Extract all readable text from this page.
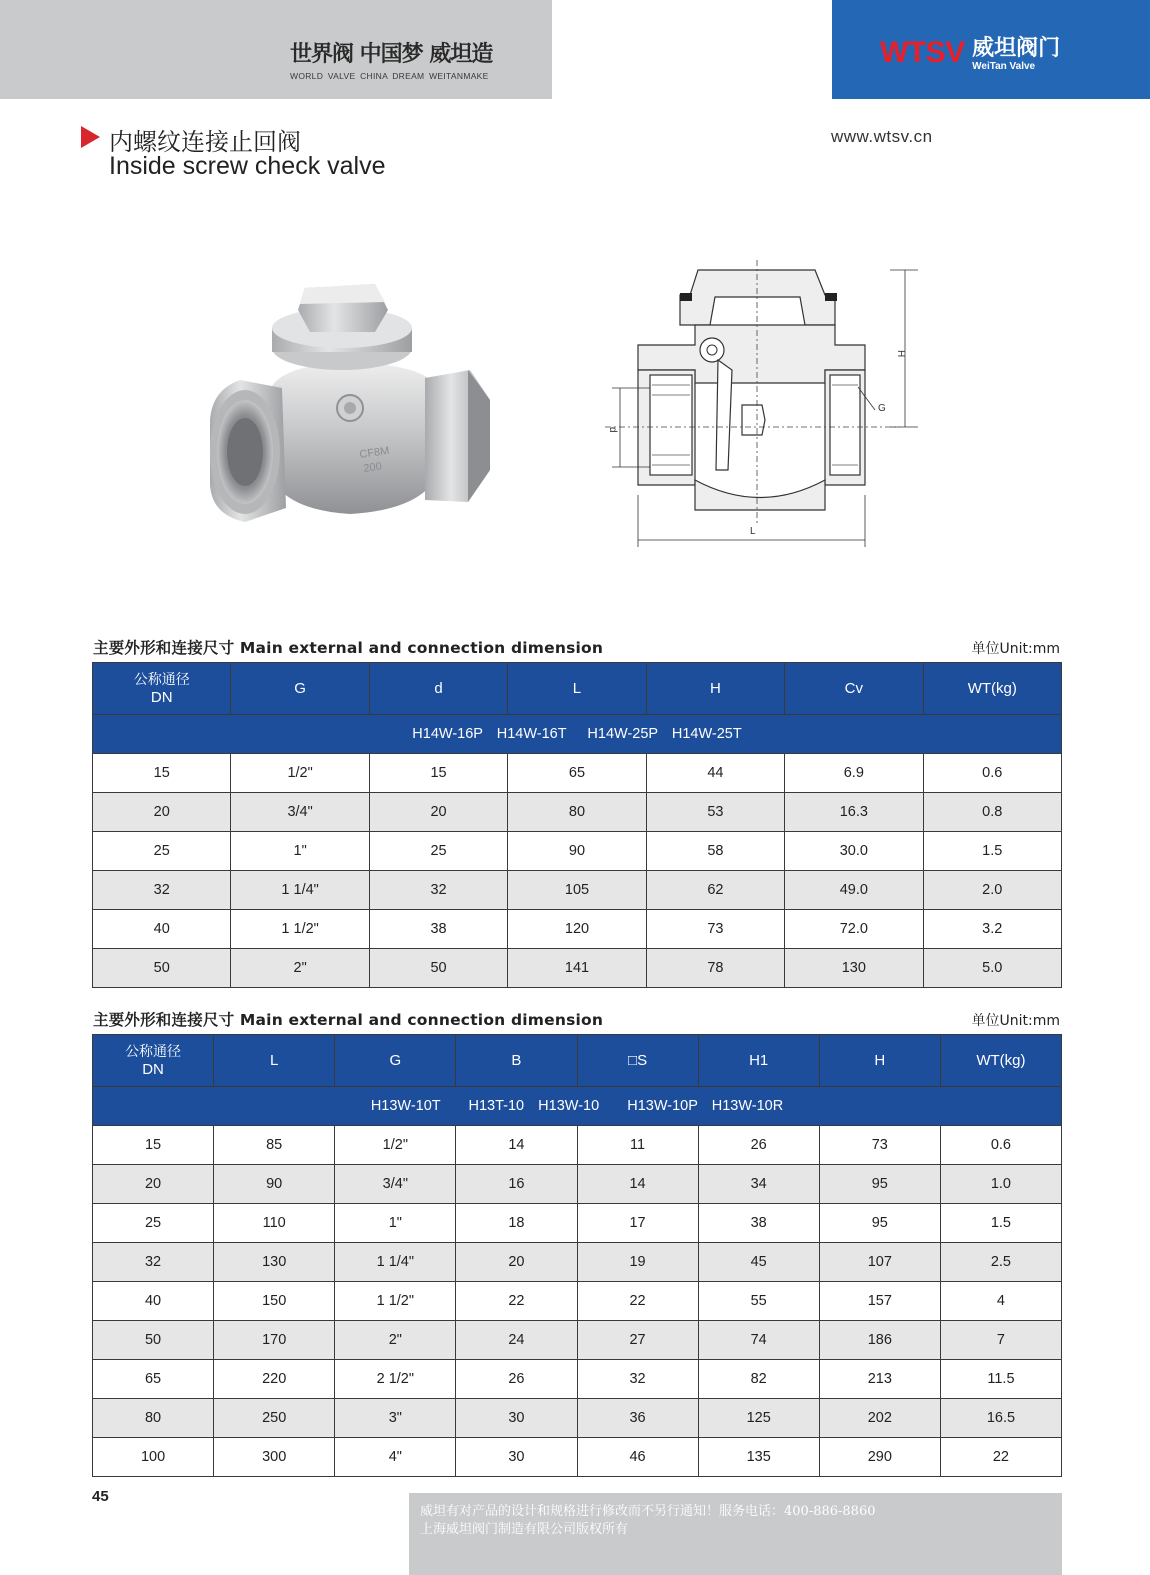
世界阀 中国梦 威坦造
WORLD VALVE CHINA DREAM WEITANMAKE
WTSV 威坦阀门
WeiTan Valve
内螺纹连接止回阀
Inside screw check valve
www.wtsv.cn
CF8M
200
H
G
d
L
主要外形和连接尺寸 Main external and connection dimension	单位Unit:mm
公称通径
DN	G	d	L	H	Cv	WT(kg)
H14W-16P  H14W-16T   H14W-25P  H14W-25T						
15	1/2"	15	65	44	6.9	0.6
20	3/4"	20	80	53	16.3	0.8
25	1"	25	90	58	30.0	1.5
32	1 1/4"	32	105	62	49.0	2.0
40	1 1/2"	38	120	73	72.0	3.2
50	2"	50	141	78	130	5.0
主要外形和连接尺寸 Main external and connection dimension	单位Unit:mm
公称通径
DN	L	G	B	□S	H1	H	WT(kg)
H13W-10T    H13T-10  H13W-10    H13W-10P  H13W-10R							
15	85	1/2"	14	11	26	73	0.6
20	90	3/4"	16	14	34	95	1.0
25	110	1"	18	17	38	95	1.5
32	130	1 1/4"	20	19	45	107	2.5
40	150	1 1/2"	22	22	55	157	4
50	170	2"	24	27	74	186	7
65	220	2 1/2"	26	32	82	213	11.5
80	250	3"	30	36	125	202	16.5
100	300	4"	30	46	135	290	22
45
威坦有对产品的设计和规格进行修改而不另行通知！服务电话：400-886-8860
上海威坦阀门制造有限公司版权所有
